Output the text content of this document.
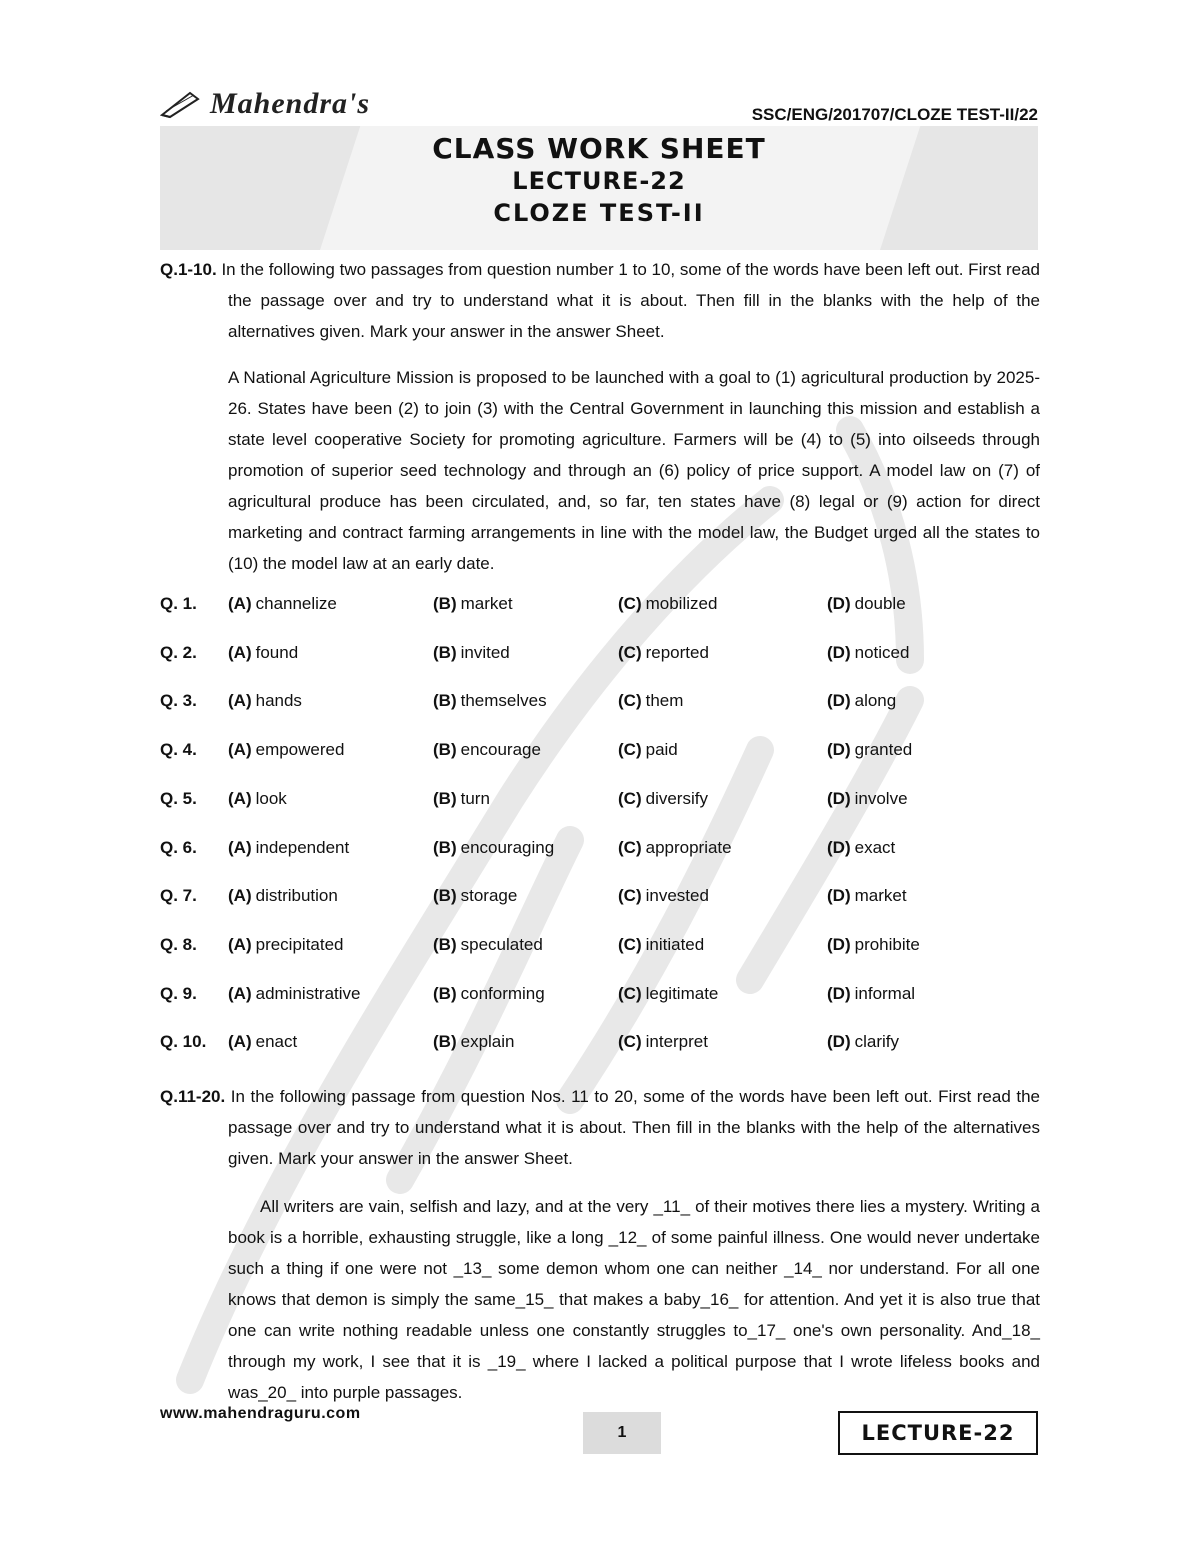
Mahendra's	SSC/ENG/201707/CLOZE TEST-II/22
CLASS WORK SHEET
LECTURE-22
CLOZE TEST-II
Q.1-10. In the following two passages from question number 1 to 10, some of the words have been left out. First read the passage over and try to understand what it is about. Then fill in the blanks with the help of the alternatives given. Mark your answer in the answer Sheet.
A National Agriculture Mission is proposed to be launched with a goal to (1) agricultural production by 2025-26. States have been (2) to join (3) with the Central Government in launching this mission and establish a state level cooperative Society for promoting agriculture. Farmers will be (4) to (5) into oilseeds through promotion of superior seed technology and through an (6) policy of price support. A model law on (7) of agricultural produce has been circulated, and, so far, ten states have (8) legal or (9) action for direct marketing and contract farming arrangements in line with the model law, the Budget urged all the states to (10) the model law at an early date.
Q. 1. (A) channelize	(B) market	(C) mobilized	(D) double
Q. 2. (A) found	(B) invited	(C) reported	(D) noticed
Q. 3. (A) hands	(B) themselves	(C) them	(D) along
Q. 4. (A) empowered	(B) encourage	(C) paid	(D) granted
Q. 5. (A) look	(B) turn	(C) diversify	(D) involve
Q. 6. (A) independent	(B) encouraging	(C) appropriate	(D) exact
Q. 7. (A) distribution	(B) storage	(C) invested	(D) market
Q. 8. (A) precipitated	(B) speculated	(C) initiated	(D) prohibite
Q. 9. (A) administrative	(B) conforming	(C) legitimate	(D) informal
Q. 10. (A) enact	(B) explain	(C) interpret	(D) clarify
Q.11-20. In the following passage from question Nos. 11 to 20, some of the words have been left out. First read the passage over and try to understand what it is about. Then fill in the blanks with the help of the alternatives given. Mark your answer in the answer Sheet.
All writers are vain, selfish and lazy, and at the very _11_ of their motives there lies a mystery. Writing a book is a horrible, exhausting struggle, like a long _12_ of some painful illness. One would never undertake such a thing if one were not _13_ some demon whom one can neither _14_ nor understand. For all one knows that demon is simply the same_15_ that makes a baby_16_ for attention. And yet it is also true that one can write nothing readable unless one constantly struggles to_17_ one's own personality. And_18_ through my work, I see that it is _19_ where I lacked a political purpose that I wrote lifeless books and was_20_ into purple passages.
www.mahendraguru.com
1	LECTURE-22
